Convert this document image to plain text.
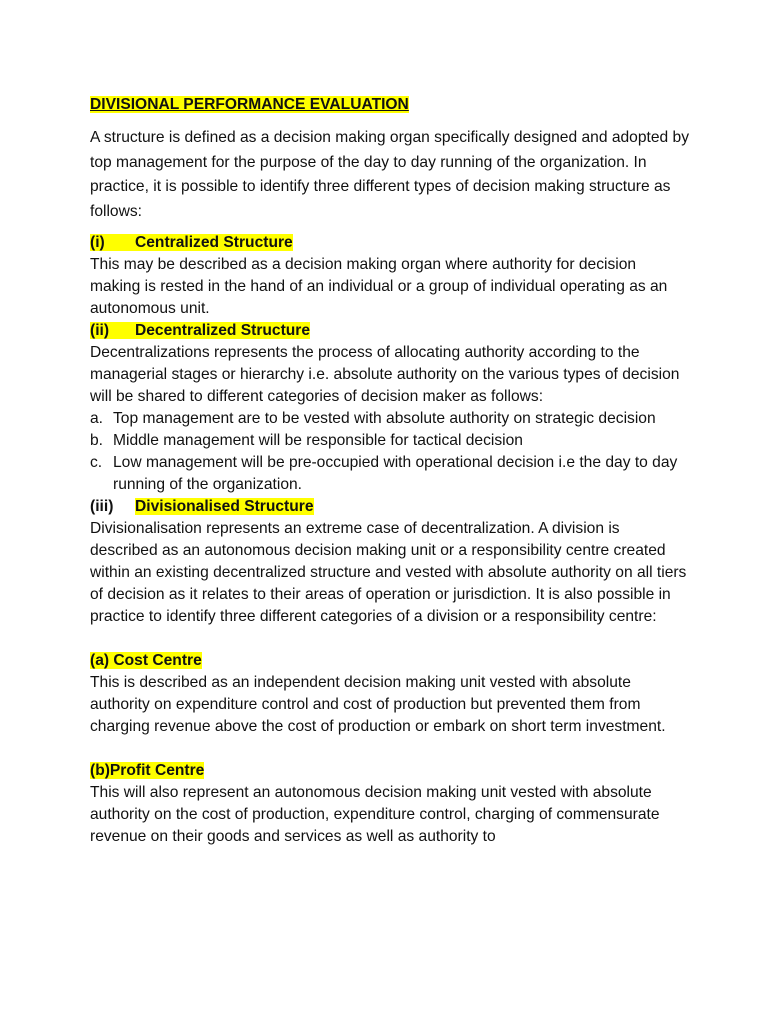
DIVISIONAL PERFORMANCE EVALUATION

A structure is defined as a decision making organ specifically designed and adopted by top management for the purpose of the day to day running of the organization. In practice, it is possible to identify three different types of decision making structure as follows:

(i) Centralized Structure

This may be described as a decision making organ where authority for decision making is rested in the hand of an individual or a group of individual operating as an autonomous unit.

(ii) Decentralized Structure

Decentralizations represents the process of allocating authority according to the managerial stages or hierarchy i.e. absolute authority on the various types of decision will be shared to different categories of decision maker as follows:

a. Top management are to be vested with absolute authority on strategic decision
b. Middle management will be responsible for tactical decision
c. Low management will be pre-occupied with operational decision i.e the day to day running of the organization.
(iii) Divisionalised Structure

Divisionalisation represents an extreme case of decentralization. A division is described as an autonomous decision making unit or a responsibility centre created within an existing decentralized structure and vested with absolute authority on all tiers of decision as it relates to their areas of operation or jurisdiction. It is also possible in practice to identify three different categories of a division or a responsibility centre:

(a) Cost Centre

This is described as an independent decision making unit vested with absolute authority on expenditure control and cost of production but prevented them from charging revenue above the cost of production or embark on short term investment.

(b)Profit Centre

This will also represent an autonomous decision making unit vested with absolute authority on the cost of production, expenditure control, charging of commensurate revenue on their goods and services as well as authority to
